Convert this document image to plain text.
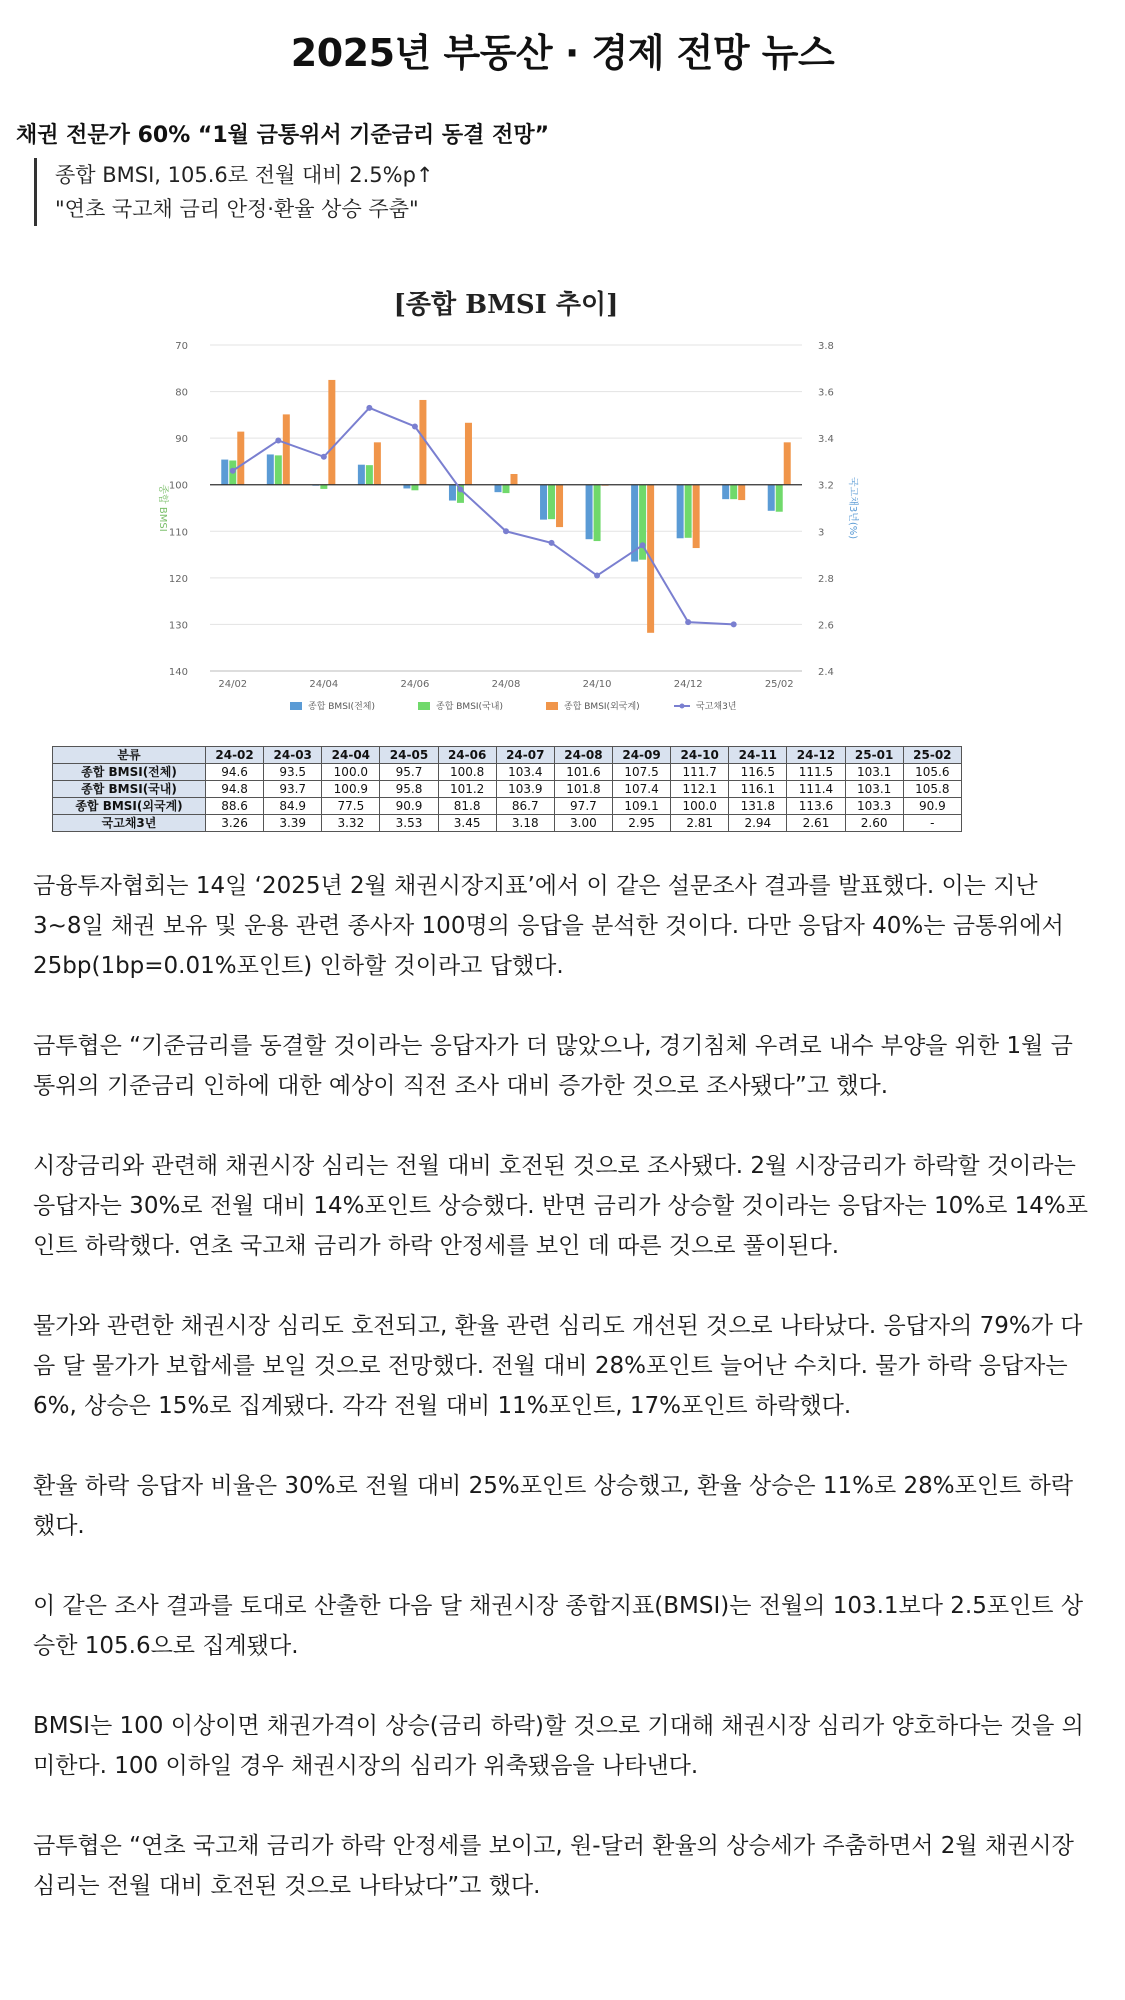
2025년 부동산 · 경제 전망 뉴스
채권 전문가 60% “1월 금통위서 기준금리 동결 전망”
종합 BMSI, 105.6로 전월 대비 2.5%p↑
"연초 국고채 금리 안정·환율 상승 주춤"
[종합 BMSI 추이]
70
80
90
100
110
120
130
140
3.8
3.6
3.4
3.2
3
2.8
2.6
2.4
종합 BMSI	국고채3년(%)
24/02	24/04	24/06	24/08	24/10	24/12	25/02
종합 BMSI(전체)	종합 BMSI(국내)	종합 BMSI(외국계)	국고채3년
분류	24-02	24-03	24-04	24-05	24-06	24-07	24-08	24-09	24-10	24-11	24-12	25-01	25-02
종합 BMSI(전체)	94.6	93.5	100.0	95.7	100.8	103.4	101.6	107.5	111.7	116.5	111.5	103.1	105.6
종합 BMSI(국내)	94.8	93.7	100.9	95.8	101.2	103.9	101.8	107.4	112.1	116.1	111.4	103.1	105.8
종합 BMSI(외국계)	88.6	84.9	77.5	90.9	81.8	86.7	97.7	109.1	100.0	131.8	113.6	103.3	90.9
국고채3년	3.26	3.39	3.32	3.53	3.45	3.18	3.00	2.95	2.81	2.94	2.61	2.60	-

금융투자협회는 14일 ‘2025년 2월 채권시장지표’에서 이 같은 설문조사 결과를 발표했다. 이는 지난 3~8일 채권 보유 및 운용 관련 종사자 100명의 응답을 분석한 것이다. 다만 응답자 40%는 금통위에서 25bp(1bp=0.01%포인트) 인하할 것이라고 답했다.

금투협은 “기준금리를 동결할 것이라는 응답자가 더 많았으나, 경기침체 우려로 내수 부양을 위한 1월 금통위의 기준금리 인하에 대한 예상이 직전 조사 대비 증가한 것으로 조사됐다”고 했다.

시장금리와 관련해 채권시장 심리는 전월 대비 호전된 것으로 조사됐다. 2월 시장금리가 하락할 것이라는 응답자는 30%로 전월 대비 14%포인트 상승했다. 반면 금리가 상승할 것이라는 응답자는 10%로 14%포인트 하락했다. 연초 국고채 금리가 하락 안정세를 보인 데 따른 것으로 풀이된다.

물가와 관련한 채권시장 심리도 호전되고, 환율 관련 심리도 개선된 것으로 나타났다. 응답자의 79%가 다음 달 물가가 보합세를 보일 것으로 전망했다. 전월 대비 28%포인트 늘어난 수치다. 물가 하락 응답자는 6%, 상승은 15%로 집계됐다. 각각 전월 대비 11%포인트, 17%포인트 하락했다.

환율 하락 응답자 비율은 30%로 전월 대비 25%포인트 상승했고, 환율 상승은 11%로 28%포인트 하락했다.

이 같은 조사 결과를 토대로 산출한 다음 달 채권시장 종합지표(BMSI)는 전월의 103.1보다 2.5포인트 상승한 105.6으로 집계됐다.

BMSI는 100 이상이면 채권가격이 상승(금리 하락)할 것으로 기대해 채권시장 심리가 양호하다는 것을 의미한다. 100 이하일 경우 채권시장의 심리가 위축됐음을 나타낸다.

금투협은 “연초 국고채 금리가 하락 안정세를 보이고, 원-달러 환율의 상승세가 주춤하면서 2월 채권시장 심리는 전월 대비 호전된 것으로 나타났다”고 했다.
